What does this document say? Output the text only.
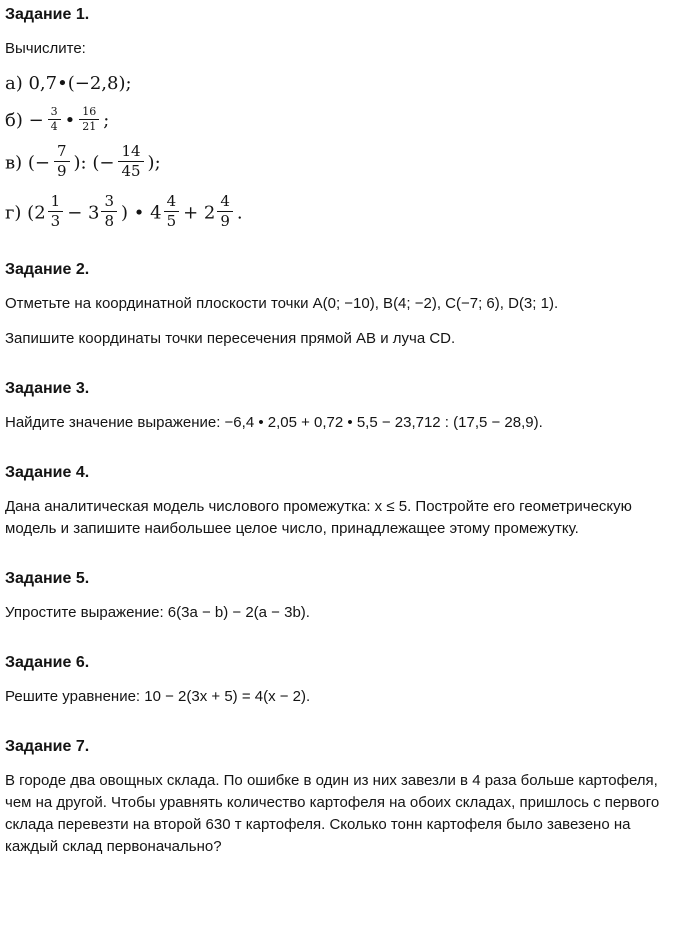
Задание 1.

Вычислите:

а) 0,7•(−2,8);

$б) - \frac{3}{4}$ • $\frac{16}{21}$ ;

в) (− $\frac{7}{9}$ ): (− $\frac{14}{45}$ );

г) ($2 \frac{1}{3} - 3 \frac{3}{8}$ ) • $4 \frac{4}{5} + 2 \frac{4}{9}$ .

Задание 2.

Отметьте на координатной плоскости точки A(0; −10), B(4; −2), C(−7; 6), D(3; 1).

Запишите координаты точки пересечения прямой AB и луча CD.

Задание 3.

Найдите значение выражение: −6,4 • 2,05 + 0,72 • 5,5 − 23,712 : (17,5 − 28,9).

Задание 4.

Дана аналитическая модель числового промежутка: x ≤ 5. Постройте его геометрическую модель и запишите наибольшее целое число, принадлежащее этому промежутку.

Задание 5.

Упростите выражение: 6(3a − b) − 2(a − 3b).

Задание 6.

Решите уравнение: 10 − 2(3x + 5) = 4(x − 2).

Задание 7.

В городе два овощных склада. По ошибке в один из них завезли в 4 раза больше картофеля, чем на другой. Чтобы уравнять количество картофеля на обоих складах, пришлось с первого склада перевезти на второй 630 т картофеля. Сколько тонн картофеля было завезено на каждый склад первоначально?
